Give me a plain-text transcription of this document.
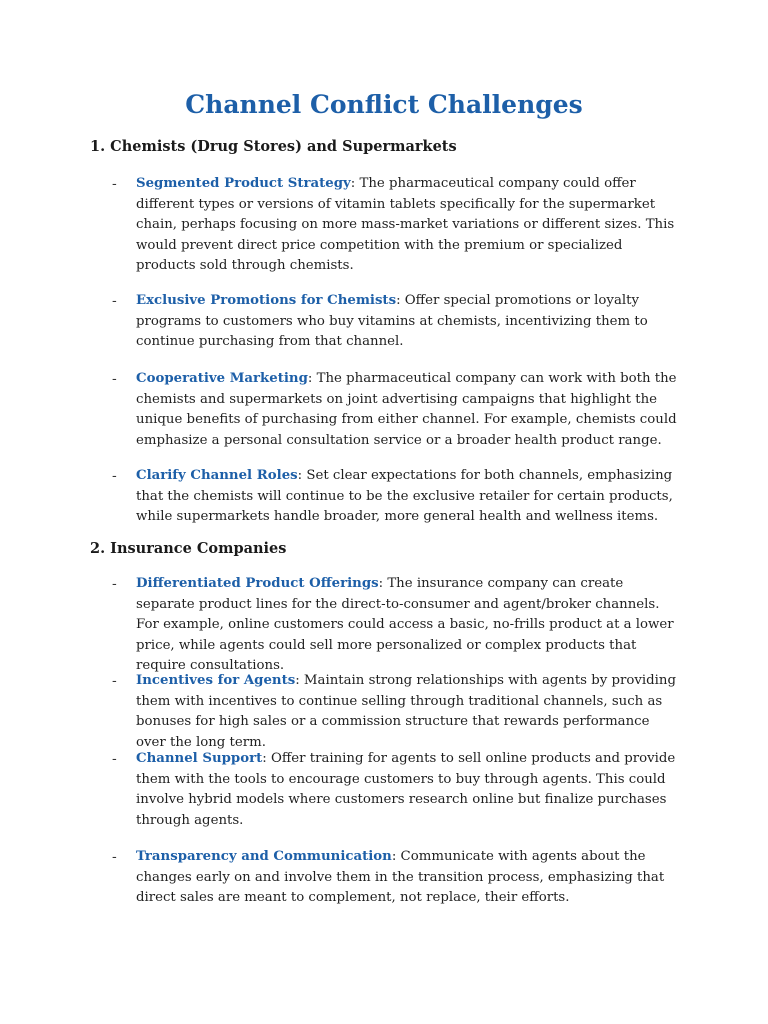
Channel Conflict Challenges
1. Chemists (Drug Stores) and Supermarkets
- Segmented Product Strategy: The pharmaceutical company could offer different types or versions of vitamin tablets specifically for the supermarket chain, perhaps focusing on more mass-market variations or different sizes. This would prevent direct price competition with the premium or specialized products sold through chemists.
- Exclusive Promotions for Chemists: Offer special promotions or loyalty programs to customers who buy vitamins at chemists, incentivizing them to continue purchasing from that channel.
- Cooperative Marketing: The pharmaceutical company can work with both the chemists and supermarkets on joint advertising campaigns that highlight the unique benefits of purchasing from either channel. For example, chemists could emphasize a personal consultation service or a broader health product range.
- Clarify Channel Roles: Set clear expectations for both channels, emphasizing that the chemists will continue to be the exclusive retailer for certain products, while supermarkets handle broader, more general health and wellness items.
2. Insurance Companies
- Differentiated Product Offerings: The insurance company can create separate product lines for the direct-to-consumer and agent/broker channels. For example, online customers could access a basic, no-frills product at a lower price, while agents could sell more personalized or complex products that require consultations.
- Incentives for Agents: Maintain strong relationships with agents by providing them with incentives to continue selling through traditional channels, such as bonuses for high sales or a commission structure that rewards performance over the long term.
- Channel Support: Offer training for agents to sell online products and provide them with the tools to encourage customers to buy through agents. This could involve hybrid models where customers research online but finalize purchases through agents.
- Transparency and Communication: Communicate with agents about the changes early on and involve them in the transition process, emphasizing that direct sales are meant to complement, not replace, their efforts.
